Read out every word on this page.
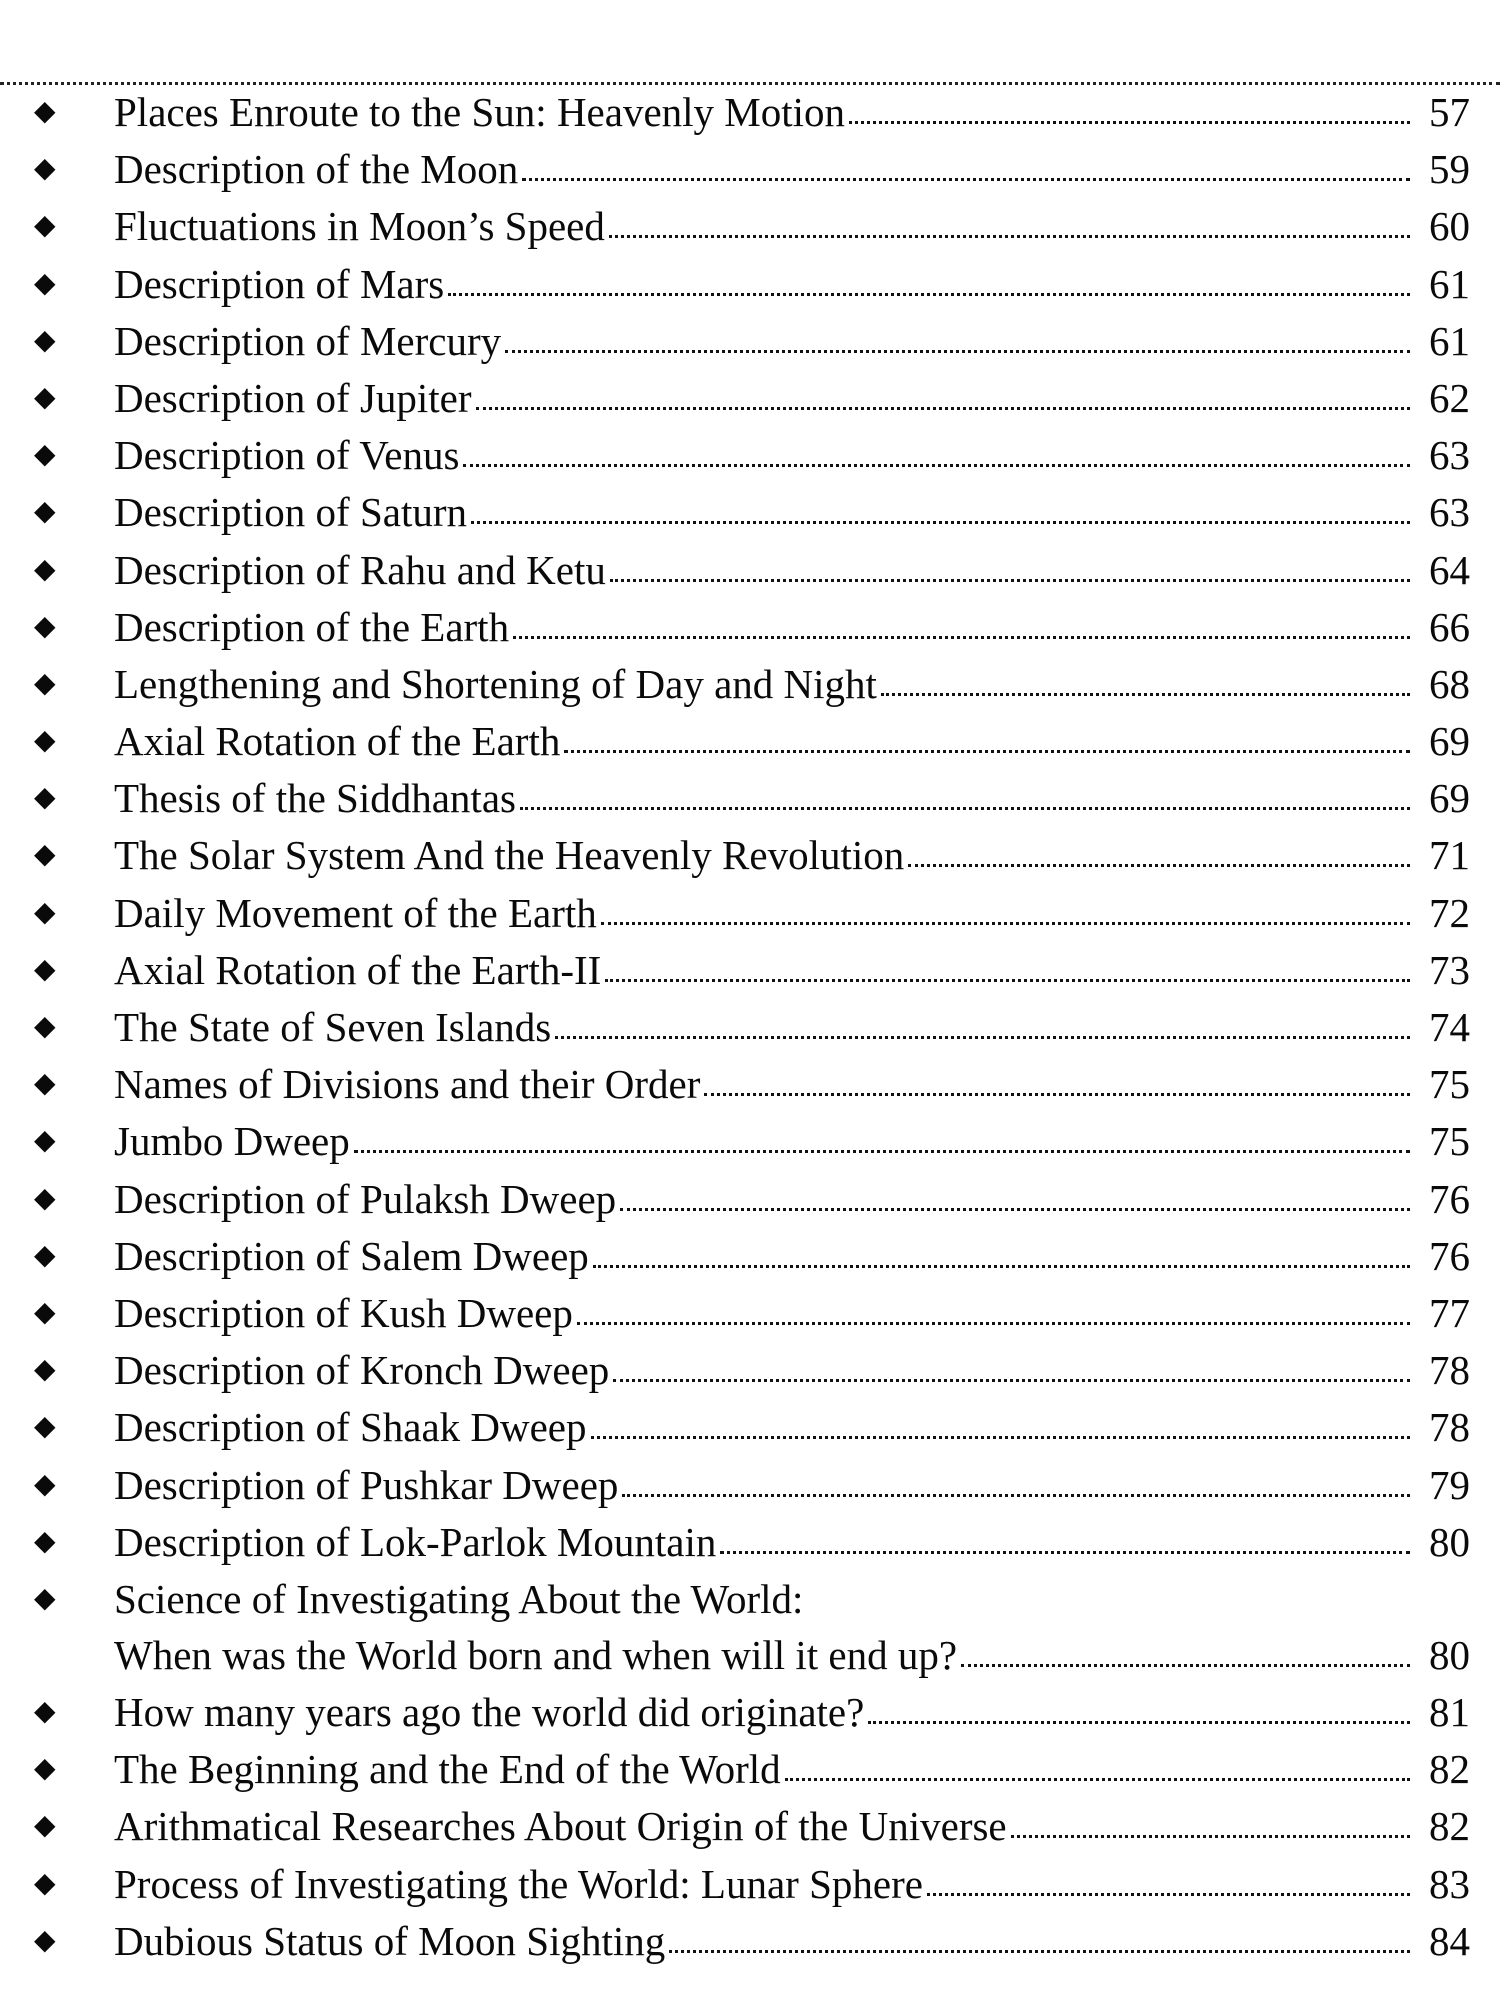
◆	Places Enroute to the Sun: Heavenly Motion	57
◆	Description of the Moon	59
◆	Fluctuations in Moon’s Speed	60
◆	Description of Mars	61
◆	Description of Mercury	61
◆	Description of Jupiter	62
◆	Description of Venus	63
◆	Description of Saturn	63
◆	Description of Rahu and Ketu	64
◆	Description of the Earth	66
◆	Lengthening and Shortening of Day and Night	68
◆	Axial Rotation of the Earth	69
◆	Thesis of the Siddhantas	69
◆	The Solar System And the Heavenly Revolution	71
◆	Daily Movement of the Earth	72
◆	Axial Rotation of the Earth-II	73
◆	The State of Seven Islands	74
◆	Names of Divisions and their Order	75
◆	Jumbo Dweep	75
◆	Description of Pulaksh Dweep	76
◆	Description of Salem Dweep	76
◆	Description of Kush Dweep	77
◆	Description of Kronch Dweep	78
◆	Description of Shaak Dweep	78
◆	Description of Pushkar Dweep	79
◆	Description of Lok-Parlok Mountain	80
◆	Science of Investigating About the World:
When was the World born and when will it end up?	80
◆	How many years ago the world did originate?	81
◆	The Beginning and the End of the World	82
◆	Arithmatical Researches About Origin of the Universe	82
◆	Process of Investigating the World: Lunar Sphere	83
◆	Dubious Status of Moon Sighting	84
